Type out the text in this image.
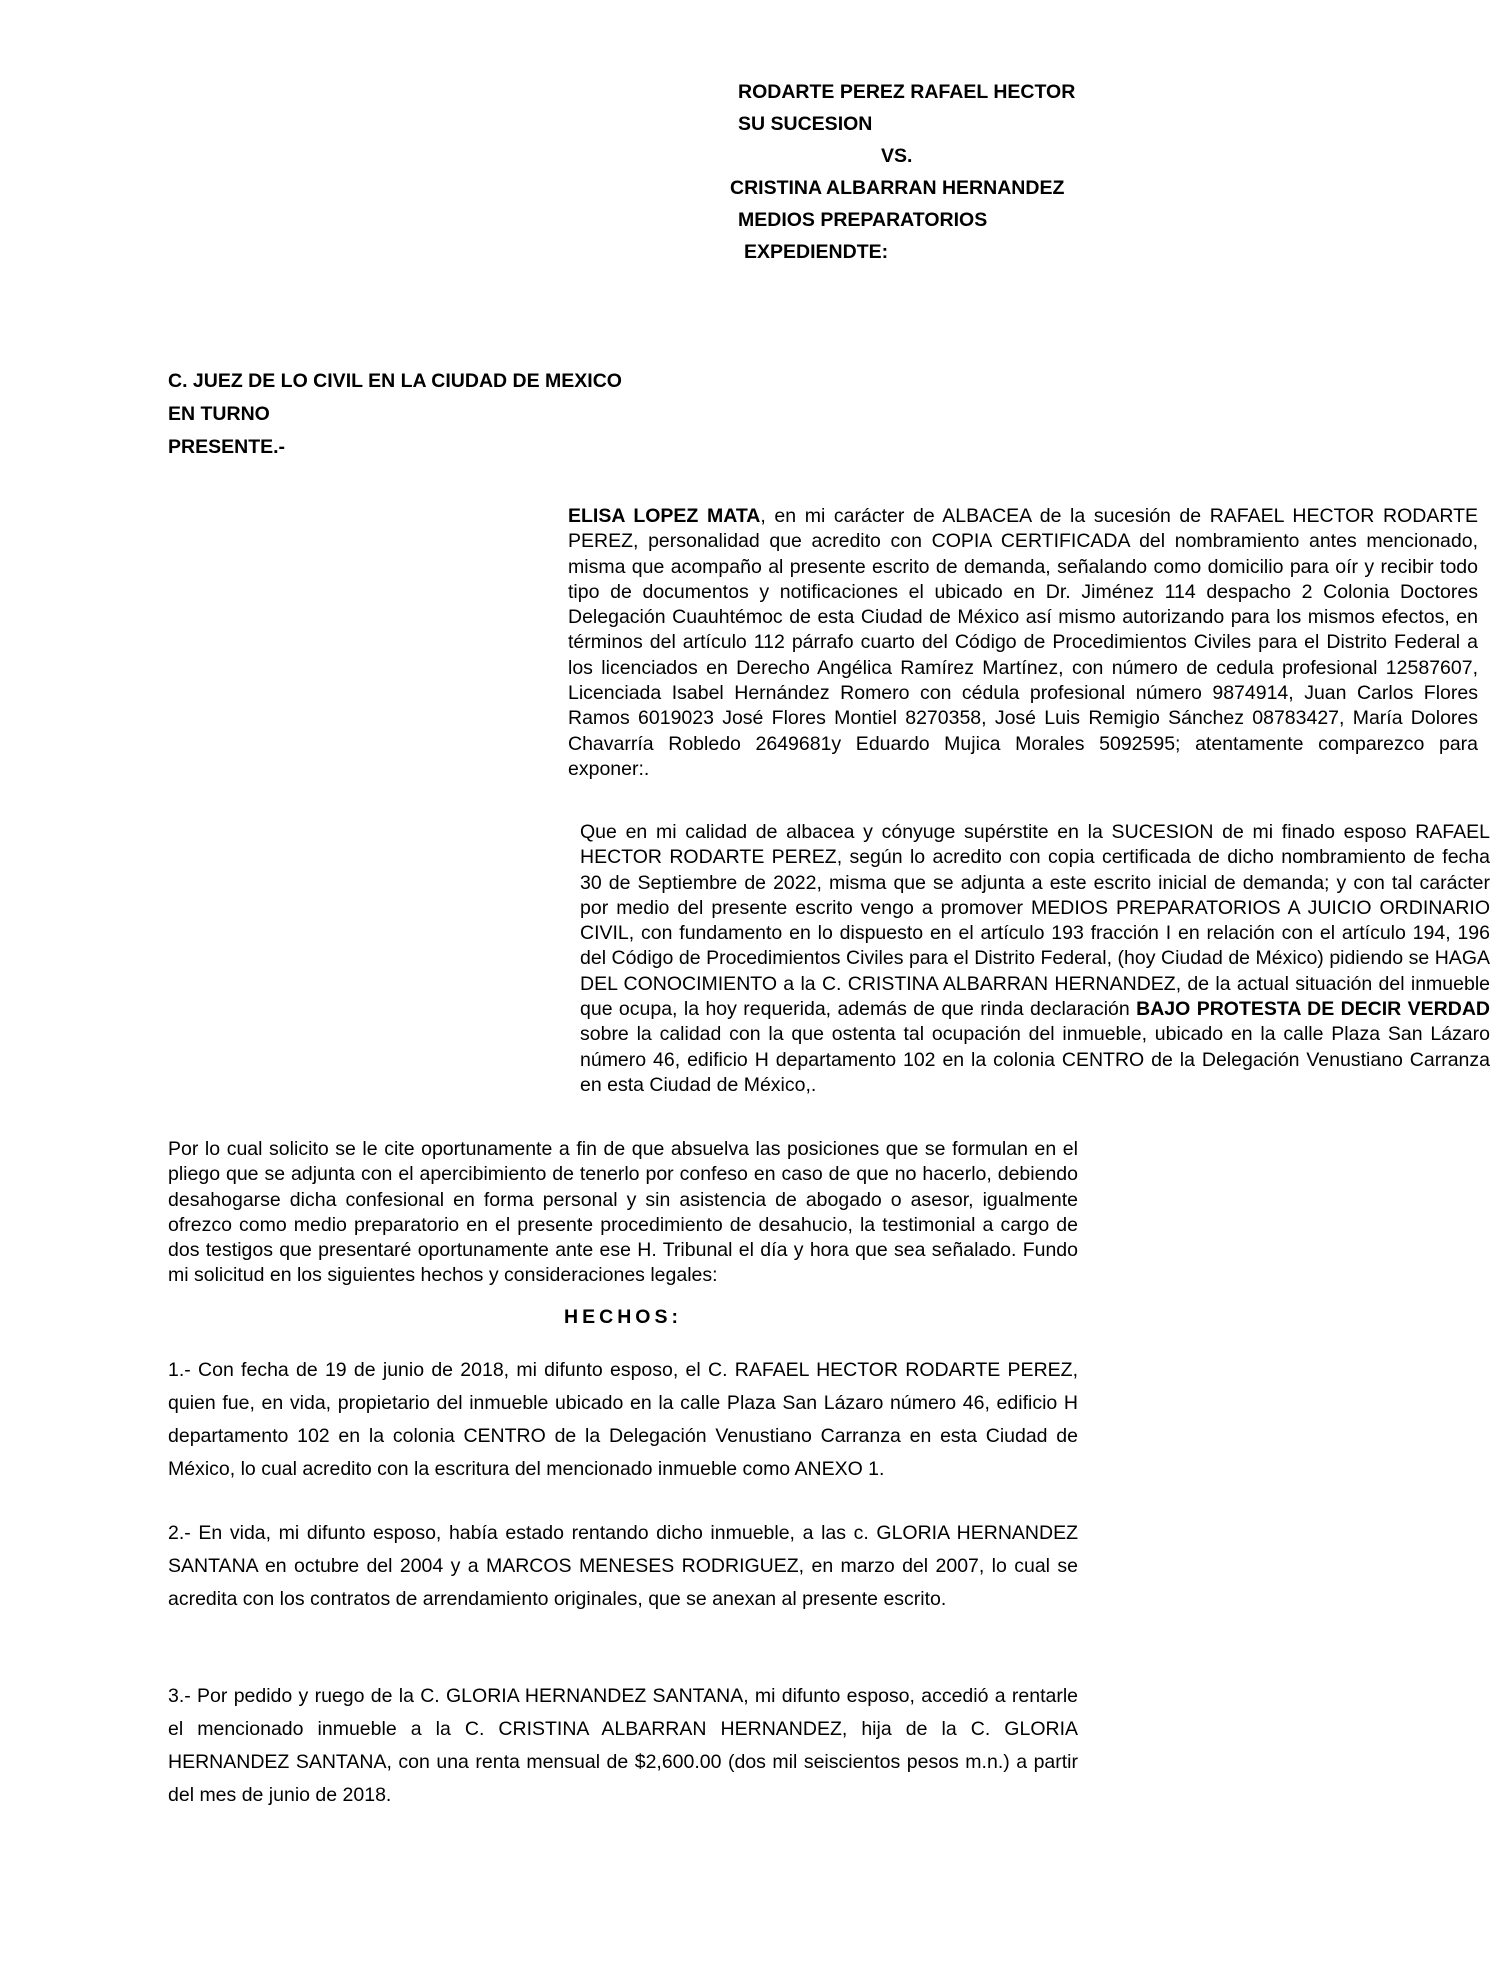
RODARTE PEREZ RAFAEL HECTOR
SU SUCESION
VS.
CRISTINA ALBARRAN HERNANDEZ
MEDIOS PREPARATORIOS
EXPEDIENDTE:
C. JUEZ DE LO CIVIL EN LA CIUDAD DE MEXICO
EN TURNO
PRESENTE.-
ELISA LOPEZ MATA, en mi carácter de ALBACEA de la sucesión de RAFAEL HECTOR RODARTE PEREZ, personalidad que acredito con COPIA CERTIFICADA del nombramiento antes mencionado, misma que acompaño al presente escrito de demanda, señalando como domicilio para oír y recibir todo tipo de documentos y notificaciones el ubicado en Dr. Jiménez 114 despacho 2 Colonia Doctores Delegación Cuauhtémoc de esta Ciudad de México así mismo autorizando para los mismos efectos, en términos del artículo 112 párrafo cuarto del Código de Procedimientos Civiles para el Distrito Federal a los licenciados en Derecho Angélica Ramírez Martínez, con número de cedula profesional 12587607, Licenciada Isabel Hernández Romero con cédula profesional número 9874914, Juan Carlos Flores Ramos 6019023 José Flores Montiel 8270358, José Luis Remigio Sánchez 08783427, María Dolores Chavarría Robledo 2649681y Eduardo Mujica Morales 5092595; atentamente comparezco para exponer:.
Que en mi calidad de albacea y cónyuge supérstite en la SUCESION de mi finado esposo RAFAEL HECTOR RODARTE PEREZ, según lo acredito con copia certificada de dicho nombramiento de fecha 30 de Septiembre de 2022, misma que se adjunta a este escrito inicial de demanda; y con tal carácter por medio del presente escrito vengo a promover MEDIOS PREPARATORIOS A JUICIO ORDINARIO CIVIL, con fundamento en lo dispuesto en el artículo 193 fracción I en relación con el artículo 194, 196 del Código de Procedimientos Civiles para el Distrito Federal, (hoy Ciudad de México) pidiendo se HAGA DEL CONOCIMIENTO a la C. CRISTINA ALBARRAN HERNANDEZ, de la actual situación del inmueble que ocupa, la hoy requerida, además de que rinda declaración BAJO PROTESTA DE DECIR VERDAD sobre la calidad con la que ostenta tal ocupación del inmueble, ubicado en la calle Plaza San Lázaro número 46, edificio H departamento 102 en la colonia CENTRO de la Delegación Venustiano Carranza en esta Ciudad de México,.
Por lo cual solicito se le cite oportunamente a fin de que absuelva las posiciones que se formulan en el pliego que se adjunta con el apercibimiento de tenerlo por confeso en caso de que no hacerlo, debiendo desahogarse dicha confesional en forma personal y sin asistencia de abogado o asesor, igualmente ofrezco como medio preparatorio en el presente procedimiento de desahucio, la testimonial a cargo de dos testigos que presentaré oportunamente ante ese H. Tribunal el día y hora que sea señalado. Fundo mi solicitud en los siguientes hechos y consideraciones legales:
HECHOS:
1.- Con fecha de 19 de junio de 2018, mi difunto esposo, el C. RAFAEL HECTOR RODARTE PEREZ, quien fue, en vida, propietario del inmueble ubicado en la calle Plaza San Lázaro número 46, edificio H departamento 102 en la colonia CENTRO de la Delegación Venustiano Carranza en esta Ciudad de México, lo cual acredito con la escritura del mencionado inmueble como ANEXO 1.
2.- En vida, mi difunto esposo, había estado rentando dicho inmueble, a las c. GLORIA HERNANDEZ SANTANA en octubre del 2004 y a MARCOS MENESES RODRIGUEZ, en marzo del 2007, lo cual se acredita con los contratos de arrendamiento originales, que se anexan al presente escrito.
3.- Por pedido y ruego de la C. GLORIA HERNANDEZ SANTANA, mi difunto esposo, accedió a rentarle el mencionado inmueble a la C. CRISTINA ALBARRAN HERNANDEZ, hija de la C. GLORIA HERNANDEZ SANTANA, con una renta mensual de $2,600.00 (dos mil seiscientos pesos m.n.) a partir del mes de junio de 2018.
